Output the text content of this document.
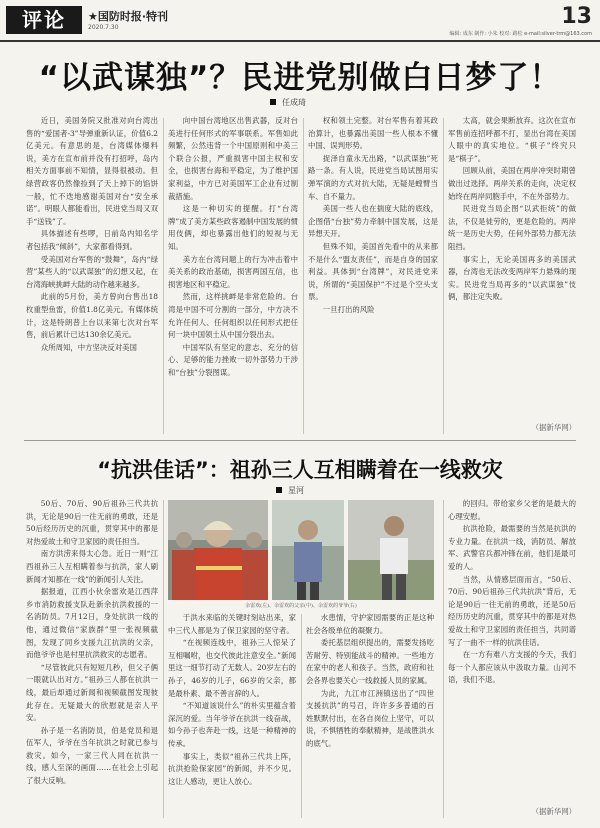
评论	★国防时报·特刊
2020.7.30	13
编辑: 成东 制作: 小朱 校对: 路松 e-mail:silver-trm@163.com
“以武谋独”？民进党别做白日梦了！
任成琦

近日，美国务院又批准对向台湾出售的“爱国者-3”导弹重新认证，价值6.2亿美元。有意思的是，台湾媒体爆料说，美方在宣布前并没有打招呼，岛内相关方面事前不知情，显得很被动。但绿营政客仍然像捡到了天上掉下的馅饼一般，忙不迭地感谢美国对台“安全承诺”。明眼人都能看出，民进党当局又双手“送钱”了。

具体描述有些啰，日前岛内知名学者包括我“倾斜”，大家都看得到。

受美国对台军售的“鼓舞”，岛内“绿营”某些人的“以武谋独”的幻想又起，在台湾海峡挑衅大陆的动作越来越多。

此前的5月份，美方曾向台售出18枚重型鱼雷，价值1.8亿美元。有媒体统计，这是特朗普上台以来第七次对台军售，前后累计已达130余亿美元。

众所周知，中方坚决反对美国

向中国台湾地区出售武器，反对台美进行任何形式的军事联系。军售如此频繁，公然违背一个中国原则和中美三个联合公报，严重损害中国主权和安全，也损害台海和平稳定，为了维护国家利益，中方已对美国军工企业有过制裁措施。

这是一种切实的提醒。打“台湾牌”成了美方某些政客遏制中国发展的惯用伎俩，却也暴露出他们的短视与无知。

美方在台湾问题上的行为冲击着中美关系的政治基础，损害两国互信，也损害地区和平稳定。

然而，这样挑衅是非常危险的。台湾是中国不可分割的一部分，中方决不允许任何人、任何组织以任何形式把任何一块中国领土从中国分裂出去。

中国军队有坚定的意志、充分的信心、足够的能力挫败一切外部势力干涉和“台独”分裂图谋。

权和领土完整。对台军售有着其政治算计，也暴露出美国一些人根本不懂中国、误判形势。

捉泽自童永无出路，“以武谋独”死路一条。有人说，民进党当局试图用实弹军演的方式对抗大陆，无疑是螳臂当车、自不量力。

美国一些人也在揣度大陆的底线，企图借“台独”势力牵制中国发展，这是异想天开。

但殊不知，美国首先看中的从来都不是什么“盟友责任”，而是自身的国家利益。具体到“台湾牌”，对民进党来说，所谓的“美国保护”不过是个空头支票。

一旦打出的风险

太高，就会果断放弃。这次在宣布军售前连招呼都不打，显出台湾在美国人眼中的真实地位。“棋子”终究只是“棋子”。

回顾从前，美国在两岸冲突时期曾做出过选择。两岸关系的走向，决定权始终在两岸同胞手中，不在外部势力。

民进党当局企图“以武拒统”的做法，不仅是徒劳的，更是危险的。两岸统一是历史大势，任何外部势力都无法阻挡。

事实上，无论美国再多的美国武器，台湾也无法改变两岸军力悬殊的现实。民进党当局再多的“以武谋独”伎俩，都注定失败。

（据新华网）

“抗洪佳话”：祖孙三人互相瞒着在一线救灾
星河

50后、70后、90后祖孙三代共抗洪，无论是90后一往无前的勇敢，还是50后经历历史的沉重，贯穿其中的都是对热爱故土和守卫家园的责任担当。

南方洪涝来得太心急。近日一则“江西祖孙三人互相瞒着参与抗洪，家人刷新闻才知都在一线”的新闻引人关注。

据报道，江西小伙余雷欢是江西萍乡市消防救援支队赴新余抗洪救援的一名消防员。7月12日，身处抗洪一线的他，通过微信“家族群”里一张视频截图，发现了同乡支援九江抗洪的父亲，而他爷爷也是村里抗洪救灾的志愿者。

“尽管彼此只有短短几秒，但父子俩一眼就认出对方。”祖孙三人都在抗洪一线，最后却通过新闻和视频截图发现彼此存在。无疑最大的欣慰就是亲人平安。

孙子是一名消防员，伯是党员和退伍军人，爷爷在当年抗洪之时就已参与救灾。如今，一家三代人同在抗洪一线，感人至深的画面……在社会上引起了很大反响。

余雷欢(左)、余雷欢的父亲(中)、余雷欢的爷爷(右)

于洪水来临的关键时刻站出来，家中三代人都是为了保卫家园的坚守者。

“在视频连线中，祖孙三人惊呆了互相嘱咐，也交代彼此注意安全。”新闻里这一细节打动了无数人。20岁左右的孙子，46岁的儿子，66岁的父亲，都是最朴素、最不善言辞的人。

“不知道该说什么”的朴实里蕴含着深沉的爱。当年爷爷在抗洪一线奋战，如今孙子也奔赴一线，这是一种精神的传承。

事实上，类似“祖孙三代共上阵，抗洪抢险保家园”的新闻，并不少见。这让人感动，更让人放心。

水患情，守护家园需要的正是这种社会各级单位的凝聚力。

委托基层组织提出的，需要发扬吃苦耐劳、特别能战斗的精神。一些地方在家中的老人和孩子。当然，政府和社会各界也要关心一线救援人员的家属。

为此，九江市江洲镇送出了“四世支援抗洪”的号召，许许多多普通的百姓默默付出，在各自岗位上坚守，可以说，不惧牺牲的奉献精神，是战胜洪水的底气。

的回归。带给家乡父老的是最大的心理安慰。

抗洪抢险，最需要的当然是抗洪的专业力量。在抗洪一线，消防员、解放军、武警官兵都冲锋在前，他们是最可爱的人。

当然，从情感层面而言，“50后、70后、90后祖孙三代共抗洪”背后，无论是90后一往无前的勇敢，还是50后经历历史的沉重，贯穿其中的都是对热爱故土和守卫家园的责任担当，共同谱写了一曲不一样的抗洪佳话。

在一方有难八方支援的今天，我们每一个人都应该从中汲取力量。山河不语，我们不退。

（据新华网）
